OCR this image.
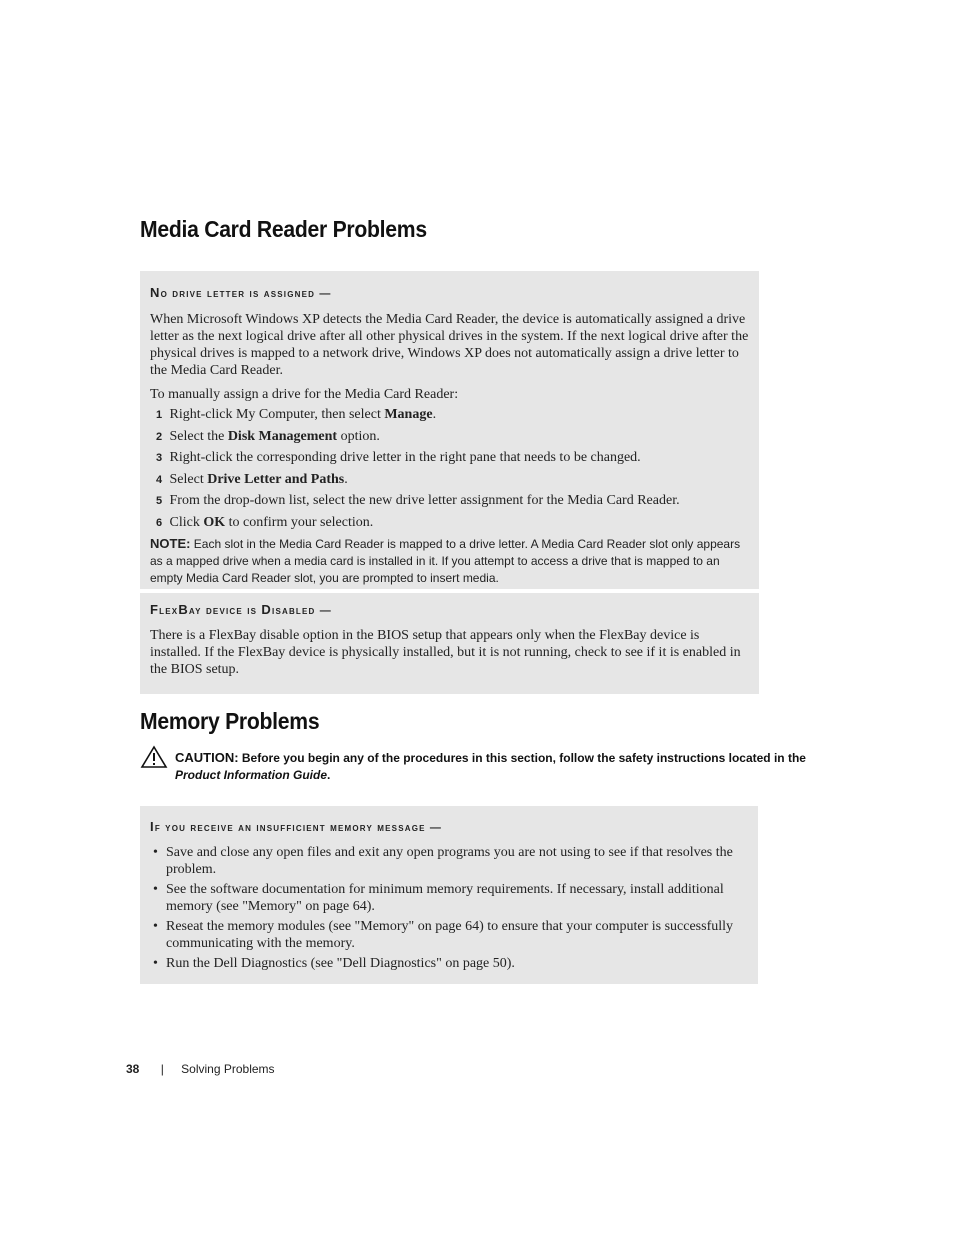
Media Card Reader Problems

No drive letter is assigned —

When Microsoft Windows XP detects the Media Card Reader, the device is automatically assigned a drive letter as the next logical drive after all other physical drives in the system. If the next logical drive after the physical drives is mapped to a network drive, Windows XP does not automatically assign a drive letter to the Media Card Reader.

To manually assign a drive for the Media Card Reader:

1 Right-click My Computer, then select Manage.
2 Select the Disk Management option.
3 Right-click the corresponding drive letter in the right pane that needs to be changed.
4 Select Drive Letter and Paths.
5 From the drop-down list, select the new drive letter assignment for the Media Card Reader.
6 Click OK to confirm your selection.

NOTE: Each slot in the Media Card Reader is mapped to a drive letter. A Media Card Reader slot only appears as a mapped drive when a media card is installed in it. If you attempt to access a drive that is mapped to an empty Media Card Reader slot, you are prompted to insert media.

FlexBay device is Disabled —

There is a FlexBay disable option in the BIOS setup that appears only when the FlexBay device is installed. If the FlexBay device is physically installed, but it is not running, check to see if it is enabled in the BIOS setup.

Memory Problems
CAUTION: Before you begin any of the procedures in this section, follow the safety instructions located in the Product Information Guide.

If you receive an insufficient memory message —

• Save and close any open files and exit any open programs you are not using to see if that resolves the problem.
• See the software documentation for minimum memory requirements. If necessary, install additional memory (see "Memory" on page 64).
• Reseat the memory modules (see "Memory" on page 64) to ensure that your computer is successfully communicating with the memory.
• Run the Dell Diagnostics (see "Dell Diagnostics" on page 50).
38 | Solving Problems
